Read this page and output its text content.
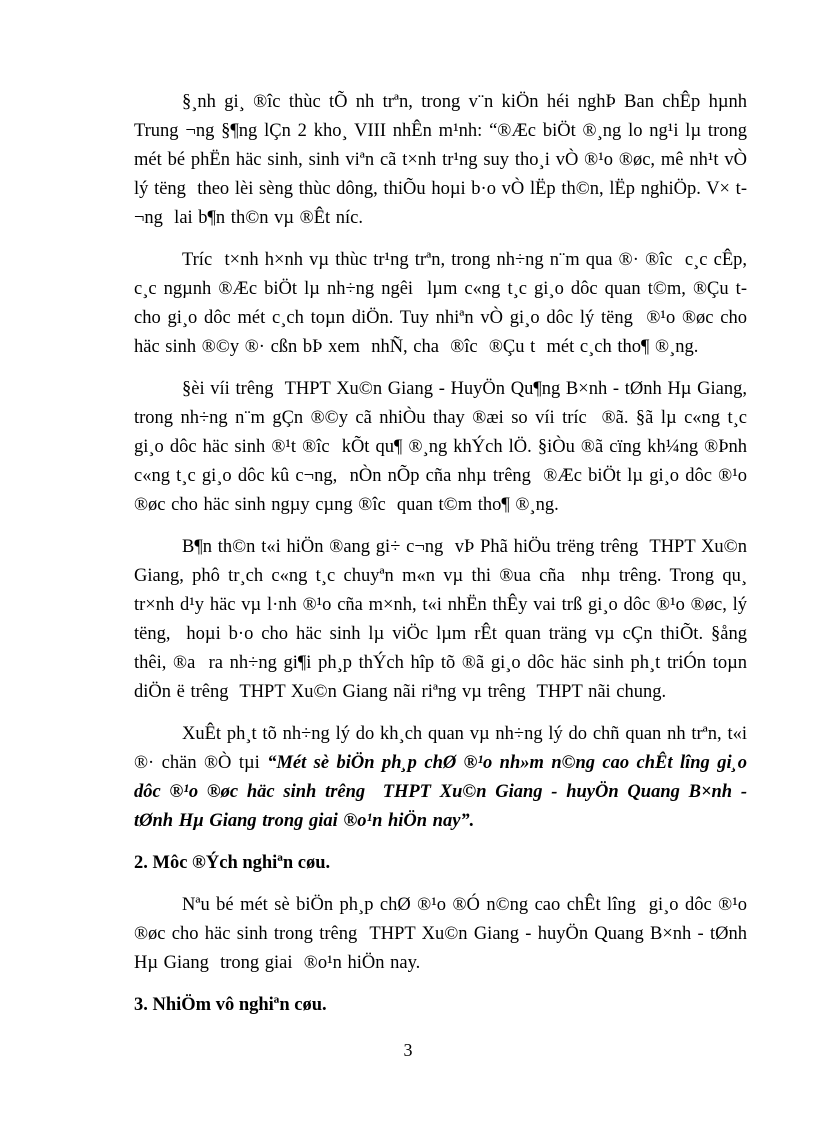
§¸nh gi¸ ®îc thùc tÕ nh trªn, trong v¨n kiÖn héi nghÞ Ban chÊp hµnh Trung ¬ng §¶ng lÇn 2 kho¸ VIII nhÊn m¹nh: “®Æc biÖt ®¸ng lo ng¹i lµ trong mét bé phËn häc sinh, sinh viªn cã t×nh tr¹ng suy tho¸i vÒ ®¹o ®øc, mê nh¹t vÒ lý tëng  theo lèi sèng thùc dông, thiÕu hoµi b·o vÒ lËp th©n, lËp nghiÖp. V× t¬ng  lai b¶n th©n vµ ®Êt níc.

Tríc  t×nh h×nh vµ thùc tr¹ng trªn, trong nh÷ng n¨m qua ®· ®îc  c¸c cÊp, c¸c ngµnh ®Æc biÖt lµ nh÷ng ngêi  lµm c«ng t¸c gi¸o dôc quan t©m, ®Çu t  cho gi¸o dôc mét c¸ch toµn diÖn. Tuy nhiªn vÒ gi¸o dôc lý tëng  ®¹o ®øc cho häc sinh ®©y ®· cßn bÞ xem  nhÑ, cha  ®îc  ®Çu t  mét c¸ch tho¶ ®¸ng.

§èi víi trêng  THPT Xu©n Giang - HuyÖn Qu¶ng B×nh - tØnh Hµ Giang, trong nh÷ng n¨m gÇn ®©y cã nhiÒu thay ®æi so víi tríc  ®ã. §ã lµ c«ng t¸c gi¸o dôc häc sinh ®¹t ®îc  kÕt qu¶ ®¸ng khÝch lÖ. §iÒu ®ã cïng kh¼ng ®Þnh c«ng t¸c gi¸o dôc kû c¬ng,  nÒn nÕp cña nhµ trêng  ®Æc biÖt lµ gi¸o dôc ®¹o ®øc cho häc sinh ngµy cµng ®îc  quan t©m tho¶ ®¸ng.

B¶n th©n t«i hiÖn ®ang gi÷ c¬ng  vÞ Phã hiÖu trëng trêng  THPT Xu©n Giang, phô tr¸ch c«ng t¸c chuyªn m«n vµ thi ®ua cña  nhµ trêng. Trong qu¸ tr×nh d¹y häc vµ l·nh ®¹o cña m×nh, t«i nhËn thÊy vai trß gi¸o dôc ®¹o ®øc, lý tëng,  hoµi b·o cho häc sinh lµ viÖc lµm rÊt quan träng vµ cÇn thiÕt. §ång thêi, ®a  ra nh÷ng gi¶i ph¸p thÝch hîp tõ ®ã gi¸o dôc häc sinh ph¸t triÓn toµn diÖn ë trêng  THPT Xu©n Giang nãi riªng vµ trêng  THPT nãi chung.

XuÊt ph¸t tõ nh÷ng lý do kh¸ch quan vµ nh÷ng lý do chñ quan nh trªn, t«i ®· chän ®Ò tµi “Mét sè biÖn ph¸p chØ ®¹o nh»m n©ng cao chÊt lîng gi¸o dôc ®¹o ®øc häc sinh trêng  THPT Xu©n Giang - huyÖn Quang B×nh - tØnh Hµ Giang trong giai ®o¹n hiÖn nay”.

2. Môc ®Ých nghiªn cøu.

Nªu bé mét sè biÖn ph¸p chØ ®¹o ®Ó n©ng cao chÊt lîng  gi¸o dôc ®¹o ®øc cho häc sinh trong trêng  THPT Xu©n Giang - huyÖn Quang B×nh - tØnh Hµ Giang  trong giai  ®o¹n hiÖn nay.

3. NhiÖm vô nghiªn cøu.

3
